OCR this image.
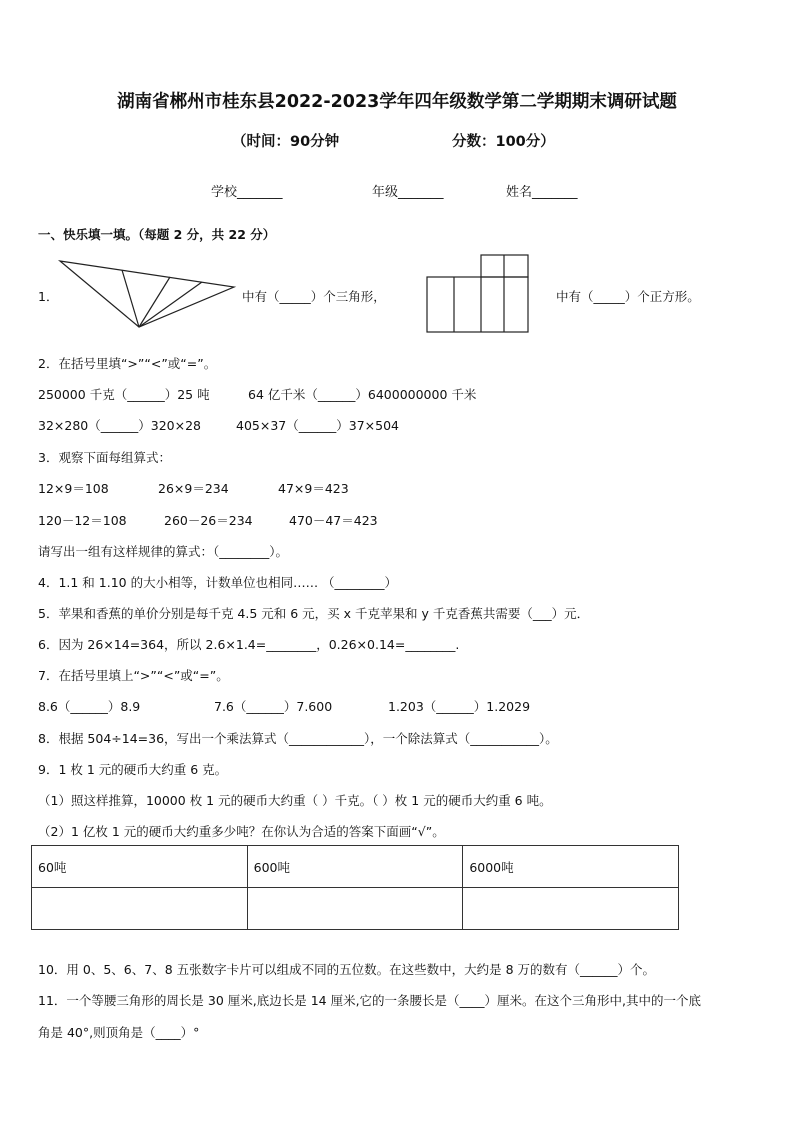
湖南省郴州市桂东县2022-2023学年四年级数学第二学期期末调研试题
（时间：90分钟	分数：100分）
学校_______	年级_______	姓名_______
一、快乐填一填。（每题 2 分，共 22 分）
1．	中有（_____）个三角形，	中有（_____）个正方形。
2．在括号里填“>”“<”或“=”。
250000 千克（______）25 吨	64 亿千米（______）6400000000 千米
32×280（______）320×28	405×37（______）37×504
3．观察下面每组算式：
12×9＝108	26×9＝234	47×9＝423
120－12＝108	260－26＝234	470－47＝423
请写出一组有这样规律的算式：（________）。
4．1.1 和 1.10 的大小相等，计数单位也相同…… （________）
5．苹果和香蕉的单价分别是每千克 4.5 元和 6 元，买 x 千克苹果和 y 千克香蕉共需要（___）元．
6．因为 26×14=364，所以 2.6×1.4=________，0.26×0.14=________.
7．在括号里填上“>”“<”或“=”。
8.6（______）8.9	7.6（______）7.600	1.203（______）1.2029
8．根据 504÷14=36，写出一个乘法算式（____________），一个除法算式（___________）。
9．1 枚 1 元的硬币大约重 6 克。
（1）照这样推算，10000 枚 1 元的硬币大约重（ ）千克。（ ）枚 1 元的硬币大约重 6 吨。
（2）1 亿枚 1 元的硬币大约重多少吨？在你认为合适的答案下面画“√”。
60吨	600吨	6000吨

10．用 0、5、6、7、8 五张数字卡片可以组成不同的五位数。在这些数中，大约是 8 万的数有（______）个。
11．一个等腰三角形的周长是 30 厘米,底边长是 14 厘米,它的一条腰长是（____）厘米。在这个三角形中,其中的一个底
角是 40°,则顶角是（____）°
